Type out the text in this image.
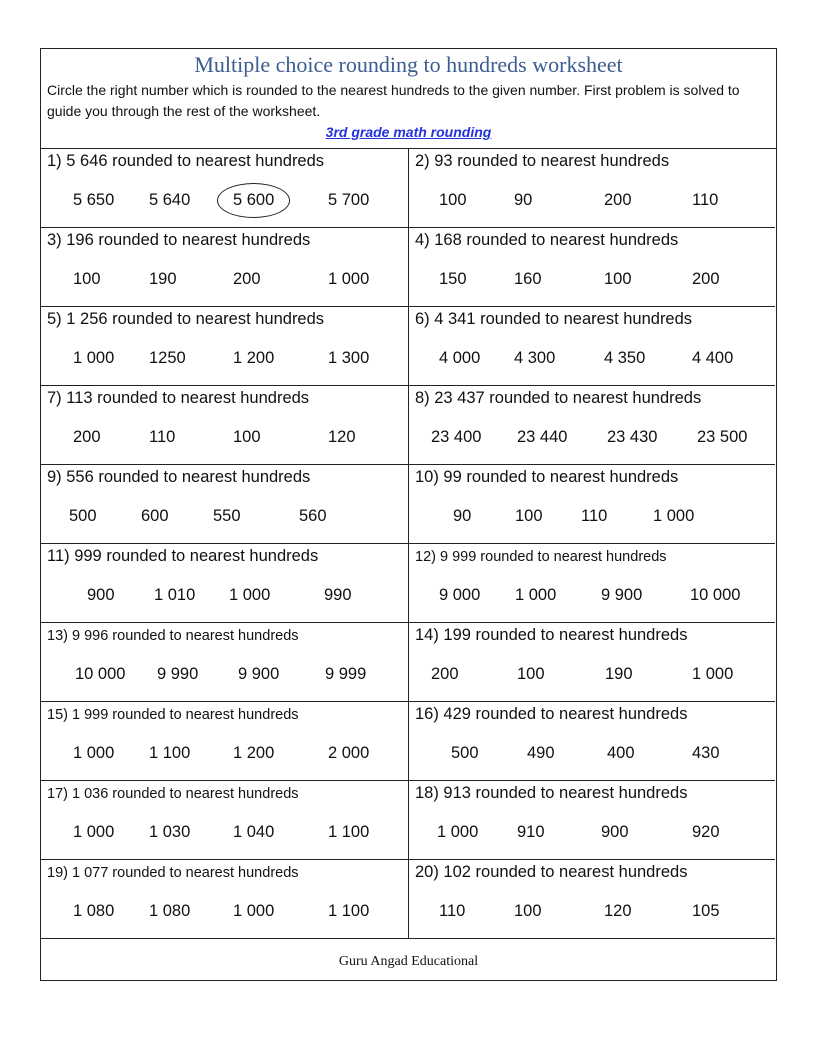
Multiple choice rounding to hundreds worksheet
Circle the right number which is rounded to the nearest hundreds to the given number. First problem is solved to guide you through the rest of the worksheet.
3rd grade math rounding
1) 5 646 rounded to nearest hundreds
5 650 5 640	5 600	5 700
2) 93 rounded to nearest hundreds
100	90	200	110
3) 196 rounded to nearest hundreds
100	190	200	1 000
4) 168 rounded to nearest hundreds
150	160	100	200
5) 1 256 rounded to nearest hundreds
1 000 1250	1 200	1 300
6) 4 341 rounded to nearest hundreds
4 000 4 300	4 350	4 400
7) 113 rounded to nearest hundreds
200	110	100	120
8) 23 437 rounded to nearest hundreds
23 400 23 440 23 430 23 500
9) 556 rounded to nearest hundreds
500	600	550	560
10) 99 rounded to nearest hundreds
90	100 110	1 000
11) 999 rounded to nearest hundreds
900 1 010 1 000	990
12) 9 999 rounded to nearest hundreds
9 000 1 000	9 900	10 000
13) 9 996 rounded to nearest hundreds
10 000 9 990 9 900	9 999
14) 199 rounded to nearest hundreds
200	100	190	1 000
15) 1 999 rounded to nearest hundreds
1 000 1 100	1 200	2 000
16) 429 rounded to nearest hundreds
500	490	400	430
17) 1 036 rounded to nearest hundreds
1 000 1 030	1 040	1 100
18) 913 rounded to nearest hundreds
1 000 910	900	920
19) 1 077 rounded to nearest hundreds
1 080 1 080	1 000	1 100
20) 102 rounded to nearest hundreds
110	100	120	105
Guru Angad Educational
